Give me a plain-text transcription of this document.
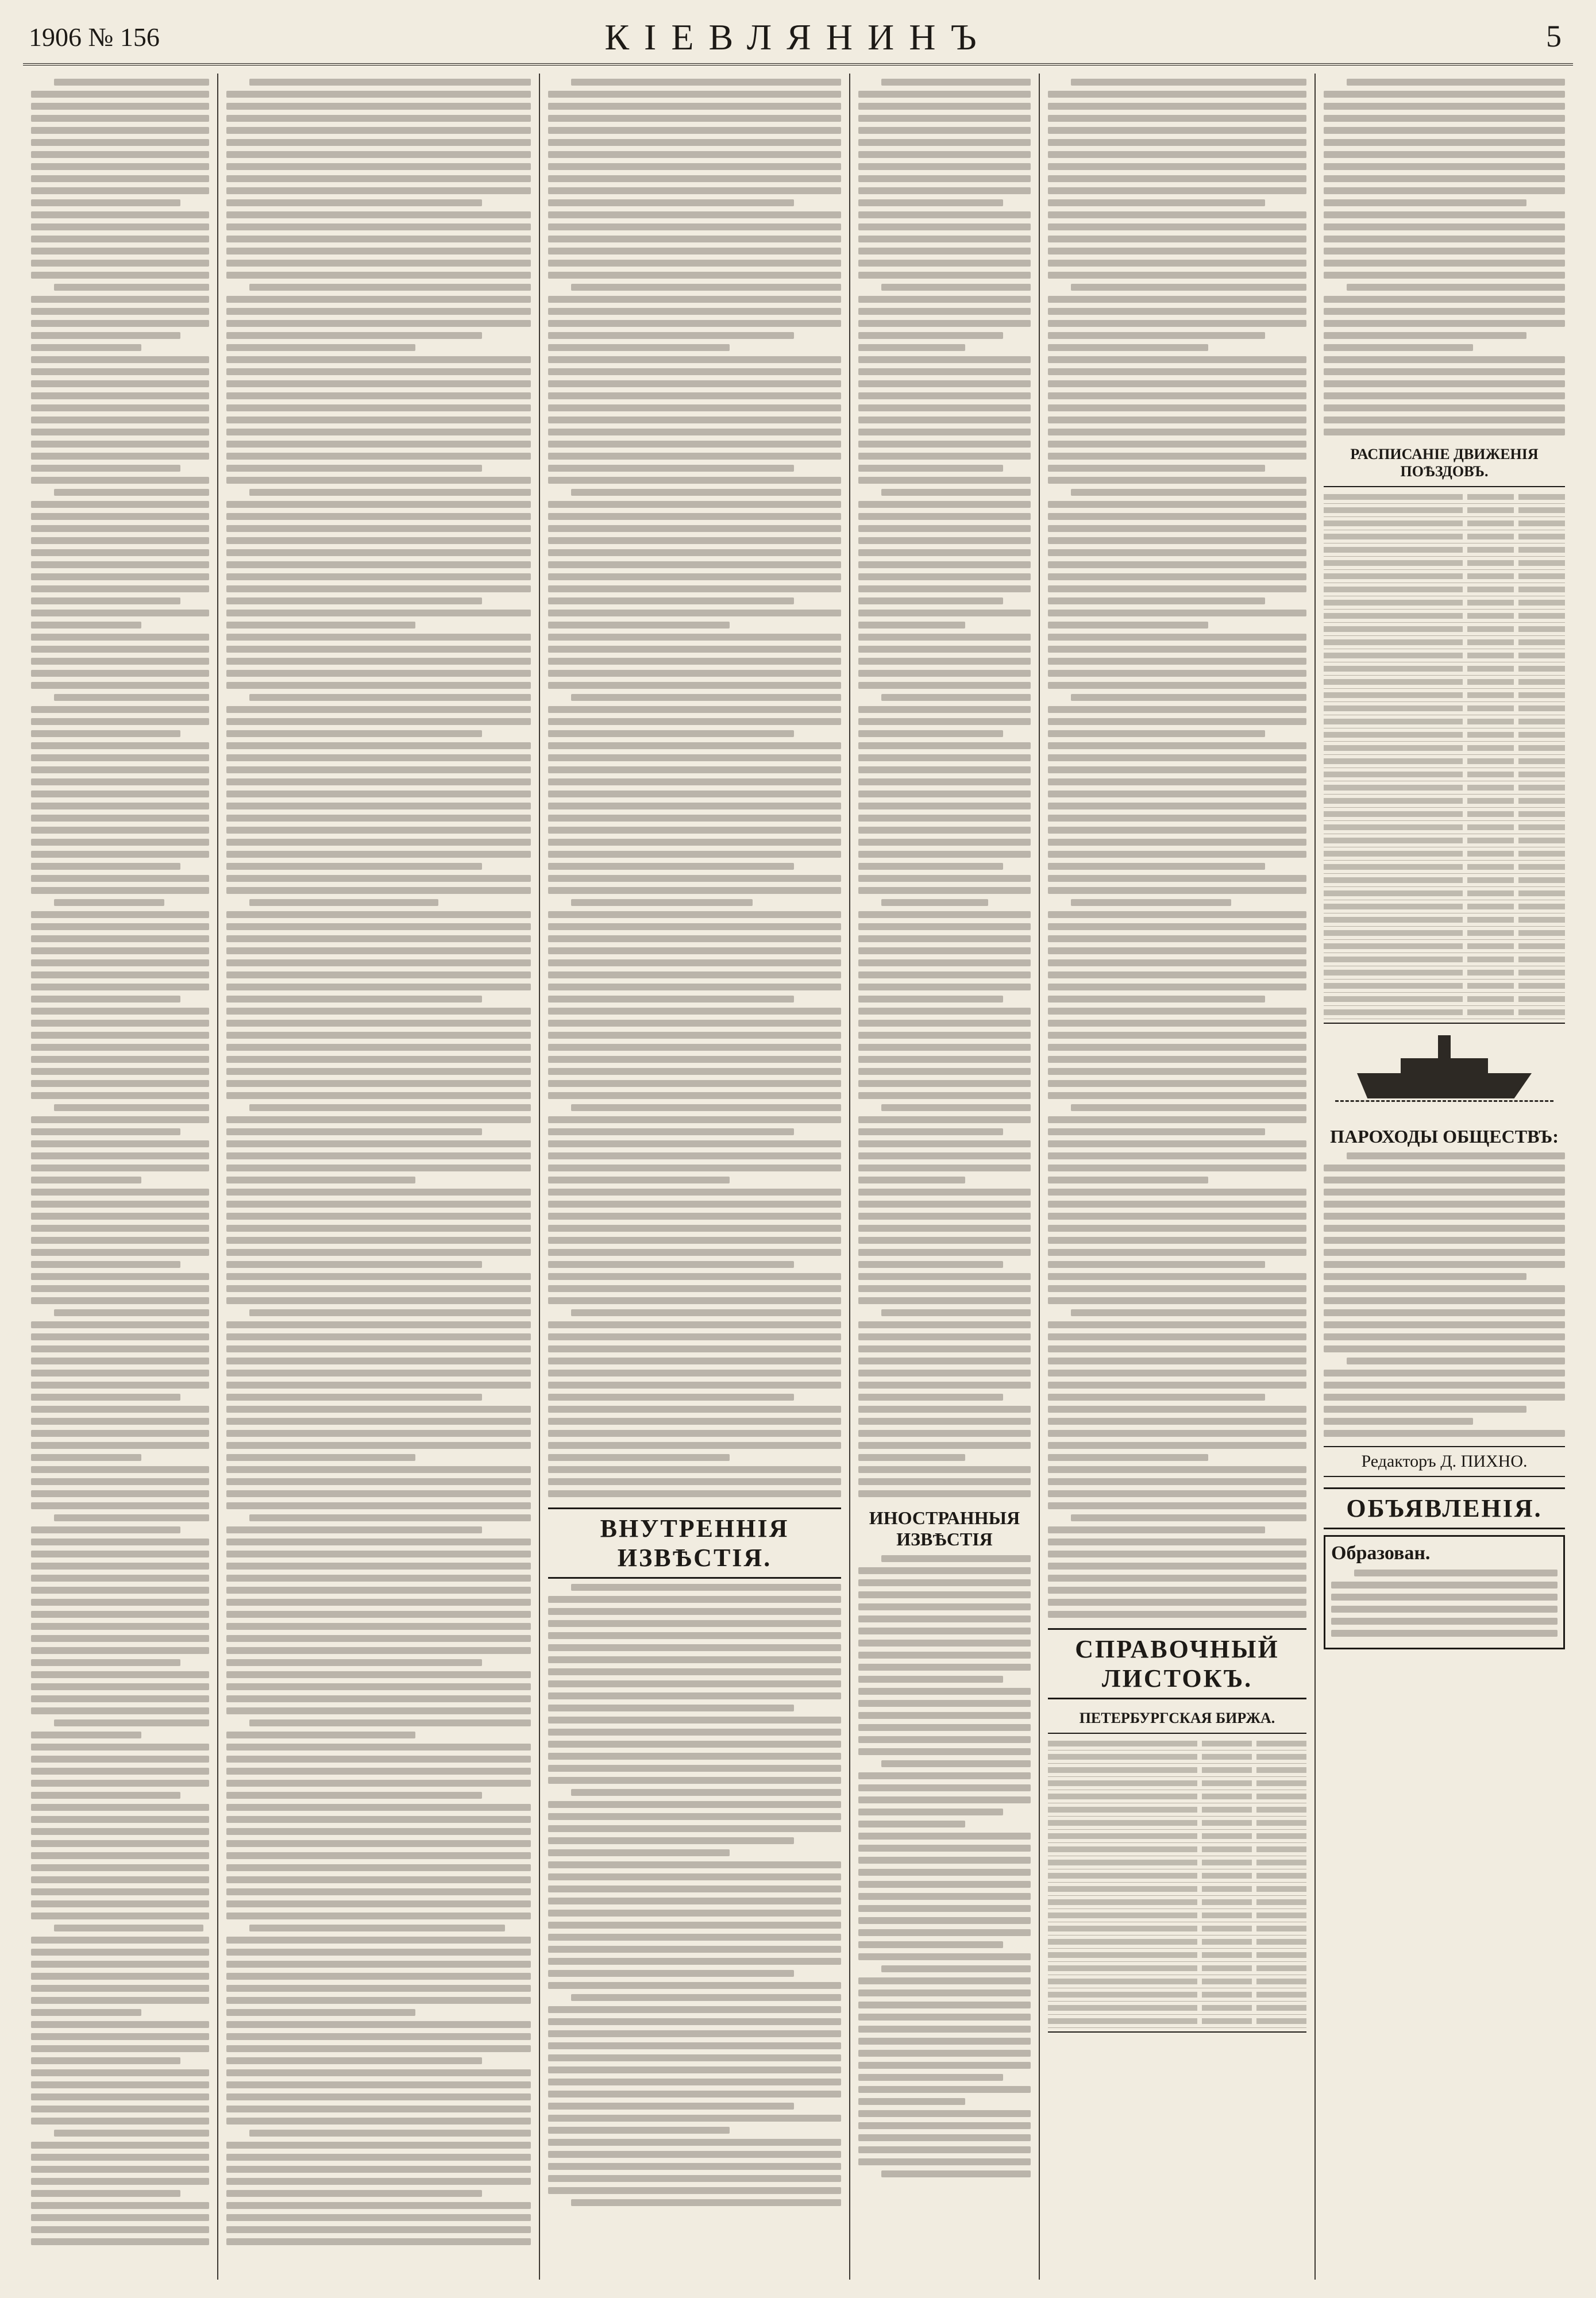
1906 № 156	КІЕВЛЯНИНЪ	5
ВНУТРЕННІЯ ИЗВѢСТІЯ.
ИНОСТРАННЫЯ ИЗВѢСТІЯ
СПРАВОЧНЫЙ ЛИСТОКЪ.
ПЕТЕРБУРГСКАЯ БИРЖА.
РАСПИСАНІЕ ДВИЖЕНІЯ ПОѢЗДОВЪ.
ПАРОХОДЫ ОБЩЕСТВЪ:
Редакторъ Д. ПИХНО.
ОБЪЯВЛЕНІЯ.
Образован.
